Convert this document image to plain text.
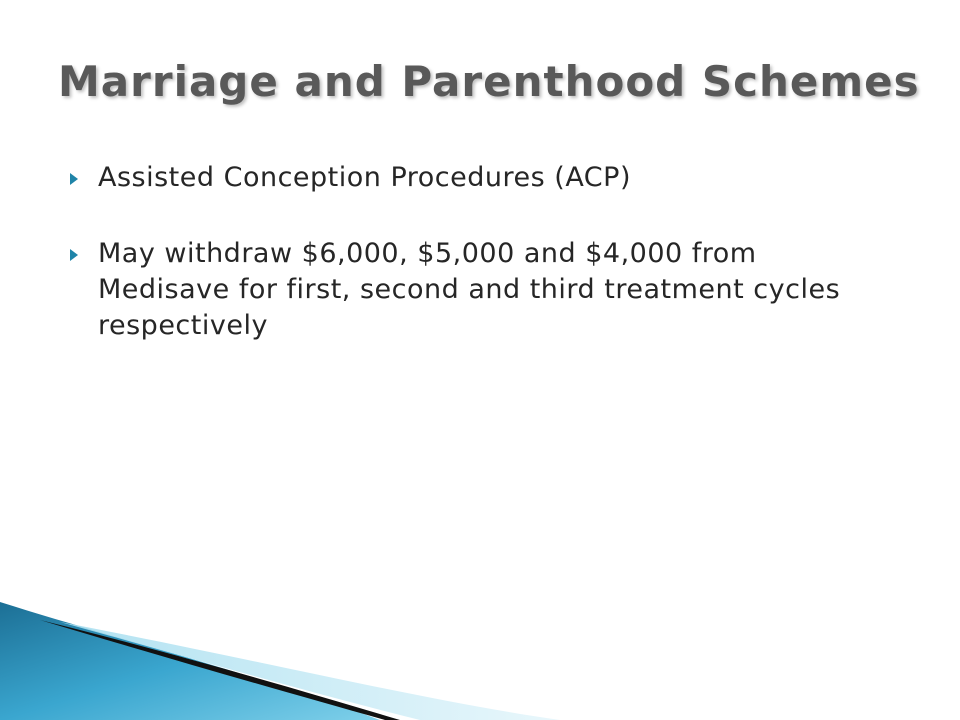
Marriage and Parenthood Schemes
Assisted Conception Procedures (ACP)
May withdraw $6,000, $5,000 and $4,000 from Medisave for first, second and third treatment cycles respectively
